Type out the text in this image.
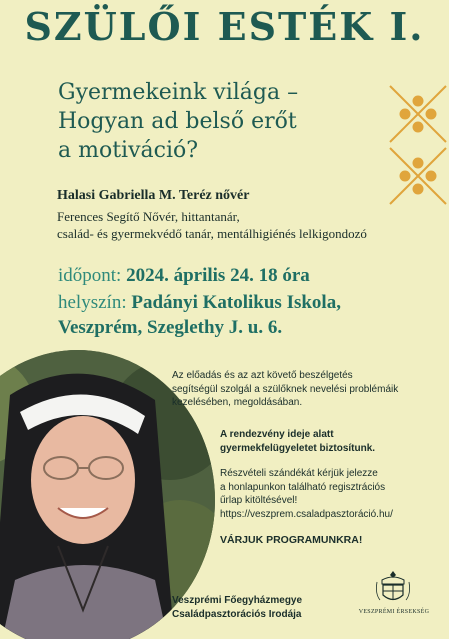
SZÜLŐI ESTÉK I.
Gyermekeink világa –
Hogyan ad belső erőt
a motiváció?
Halasi Gabriella M. Teréz nővér
Ferences Segítő Nővér, hittantanár,
család- és gyermekvédő tanár, mentálhigiénés lelkigondozó
időpont: 2024. április 24. 18 óra
helyszín: Padányi Katolikus Iskola,
Veszprém, Szeglethy J. u. 6.
Az előadás és az azt követő beszélgetés
segítségül szolgál a szülőknek nevelési problémáik
kezelésében, megoldásában.
A rendezvény ideje alatt
gyermekfelügyeletet biztosítunk.
Részvételi szándékát kérjük jelezze
a honlapunkon található regisztrációs
űrlap kitöltésével!
https://veszprem.csaladpasztoráció.hu/
VÁRJUK PROGRAMUNKRA!
Veszprémi Főegyházmegye
Családpasztorációs Irodája	VESZPRÉMI ÉRSEKSÉG
